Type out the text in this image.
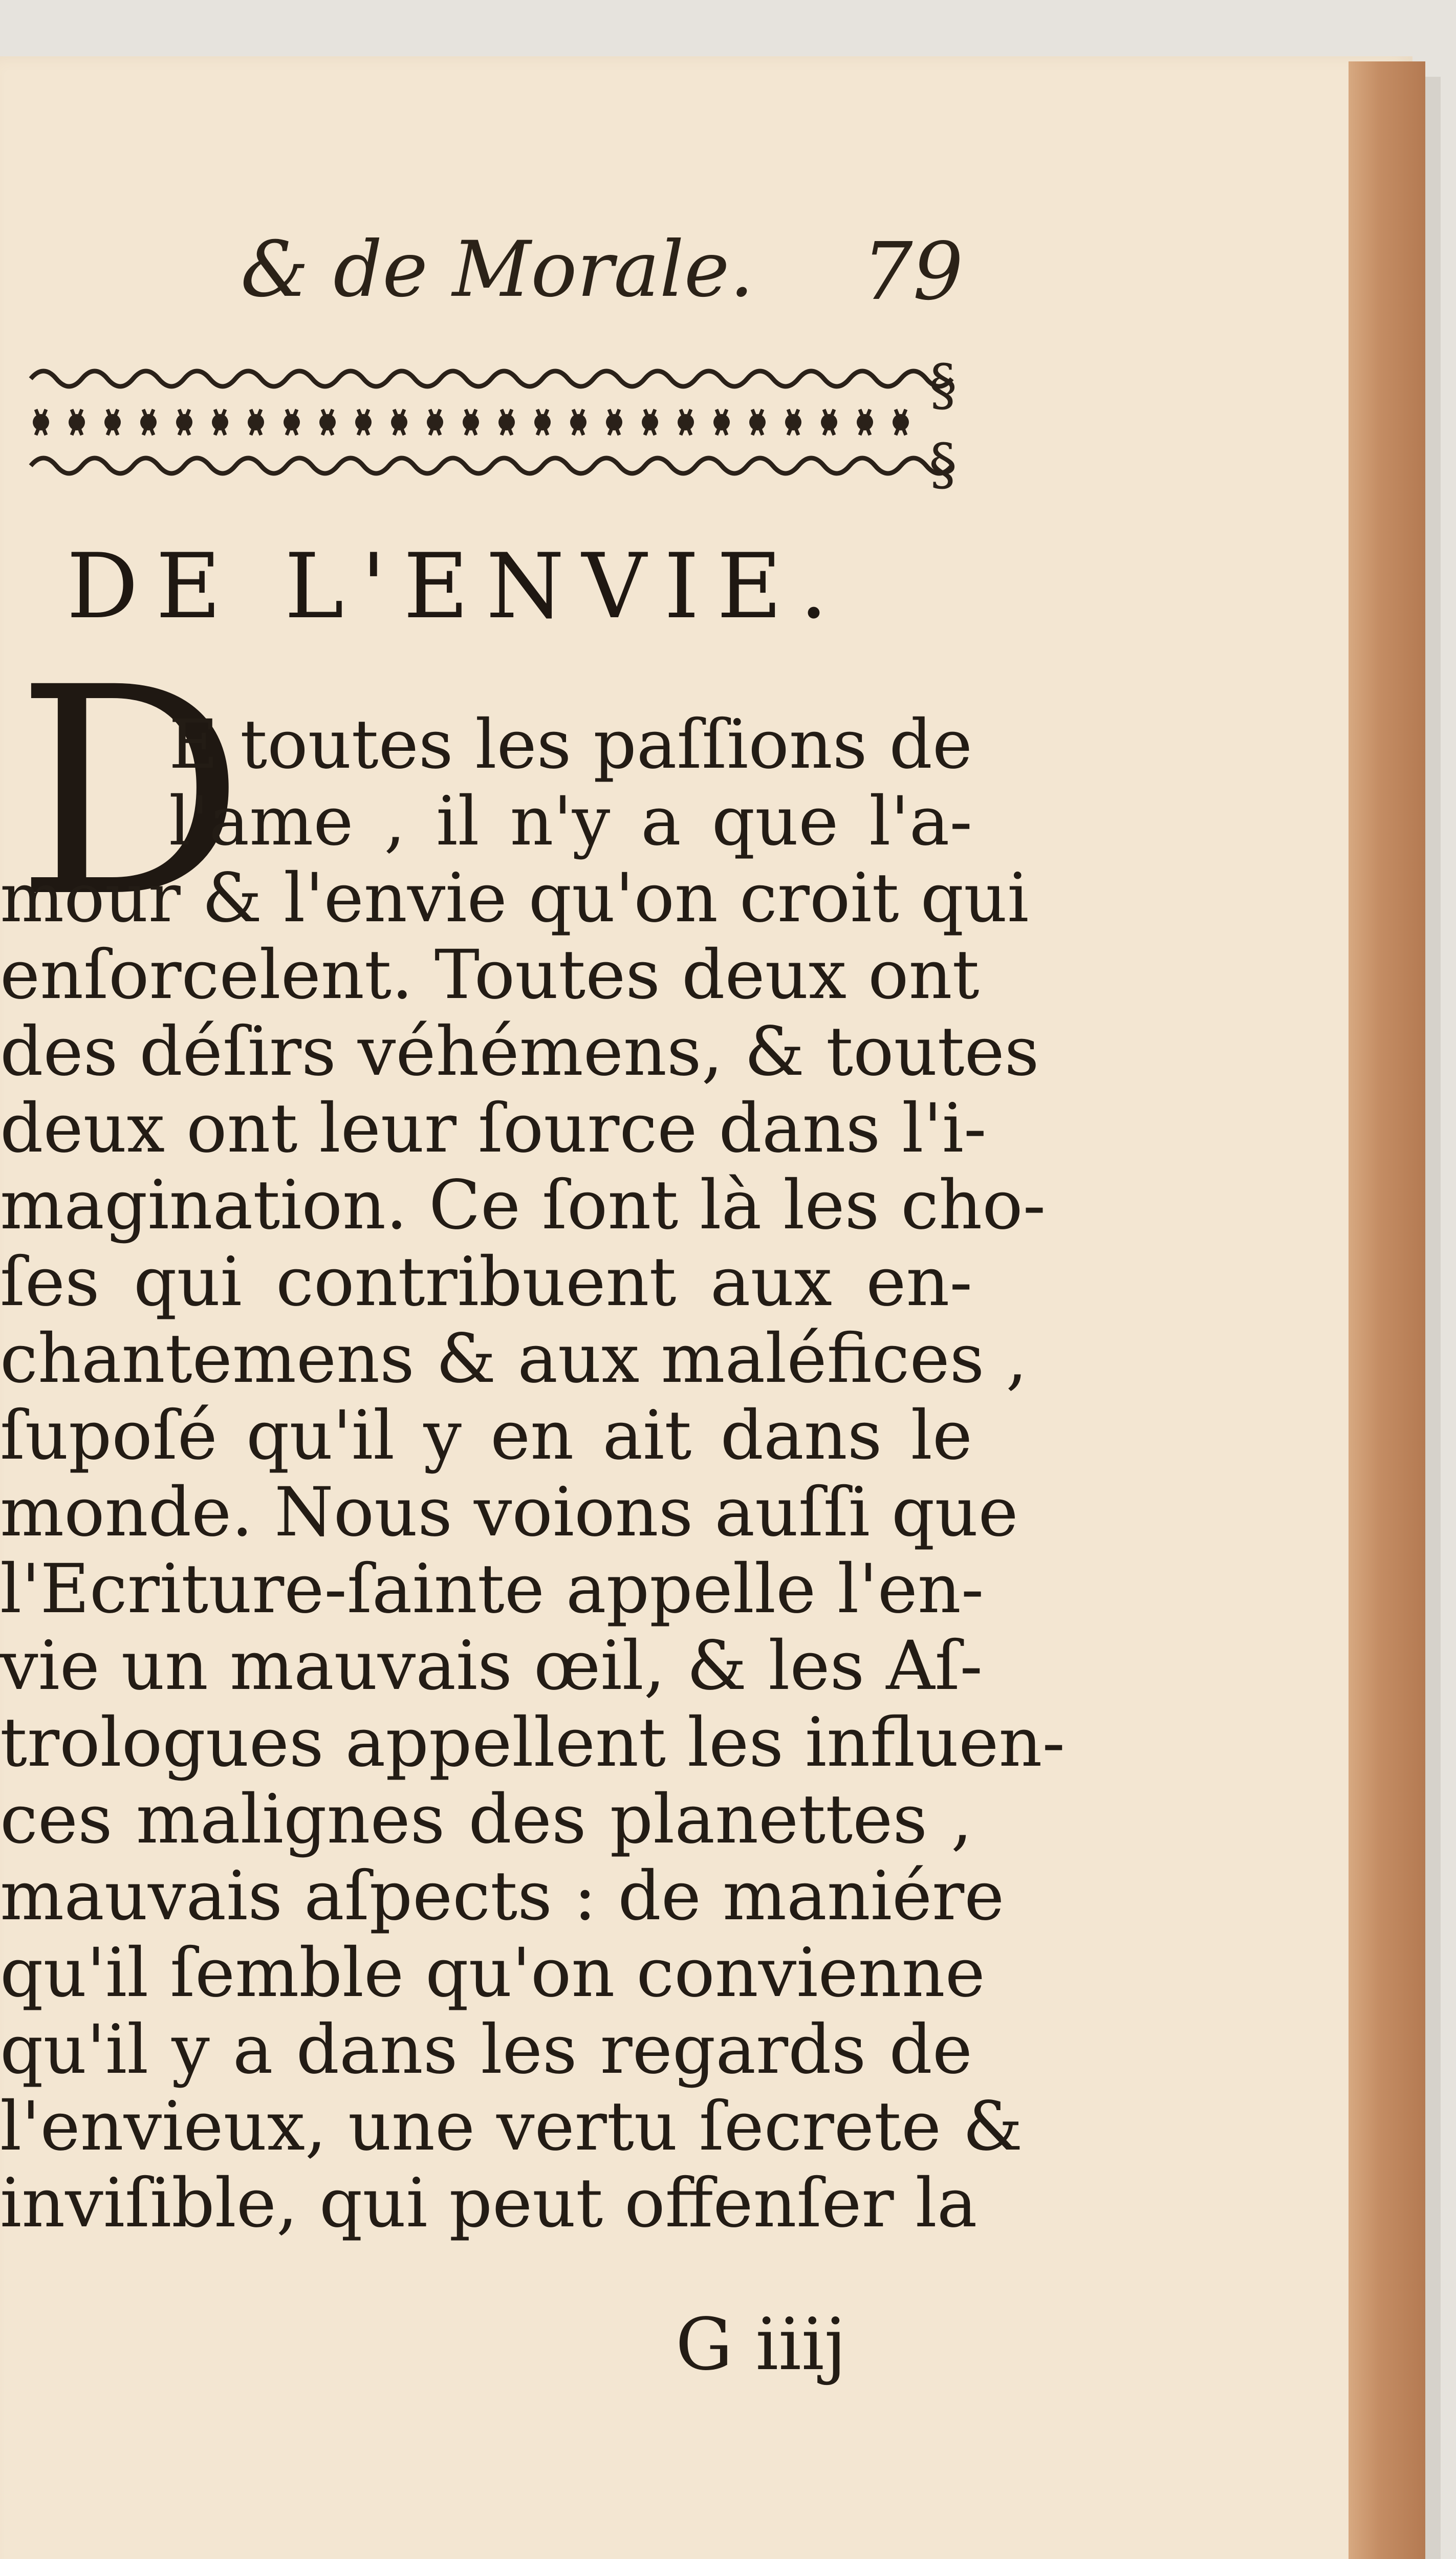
& de Morale. 79
§
§
DE L'ENVIE.
D
E toutes les paſſions de
l'ame , il n'y a que l'a-
mour & l'envie qu'on croit qui
enſorcelent. Toutes deux ont
des déſirs véhémens, & toutes
deux ont leur ſource dans l'i-
magination. Ce ſont là les cho-
ſes qui contribuent aux en-
chantemens & aux maléfices ,
ſupoſé qu'il y en ait dans le
monde. Nous voions auſſi que
l'Ecriture-ſainte appelle l'en-
vie un mauvais œil, & les Aſ-
trologues appellent les influen-
ces malignes des planettes ,
mauvais aſpects : de maniére
qu'il ſemble qu'on convienne
qu'il y a dans les regards de
l'envieux, une vertu ſecrete &
inviſible, qui peut offenſer la
G iiij
